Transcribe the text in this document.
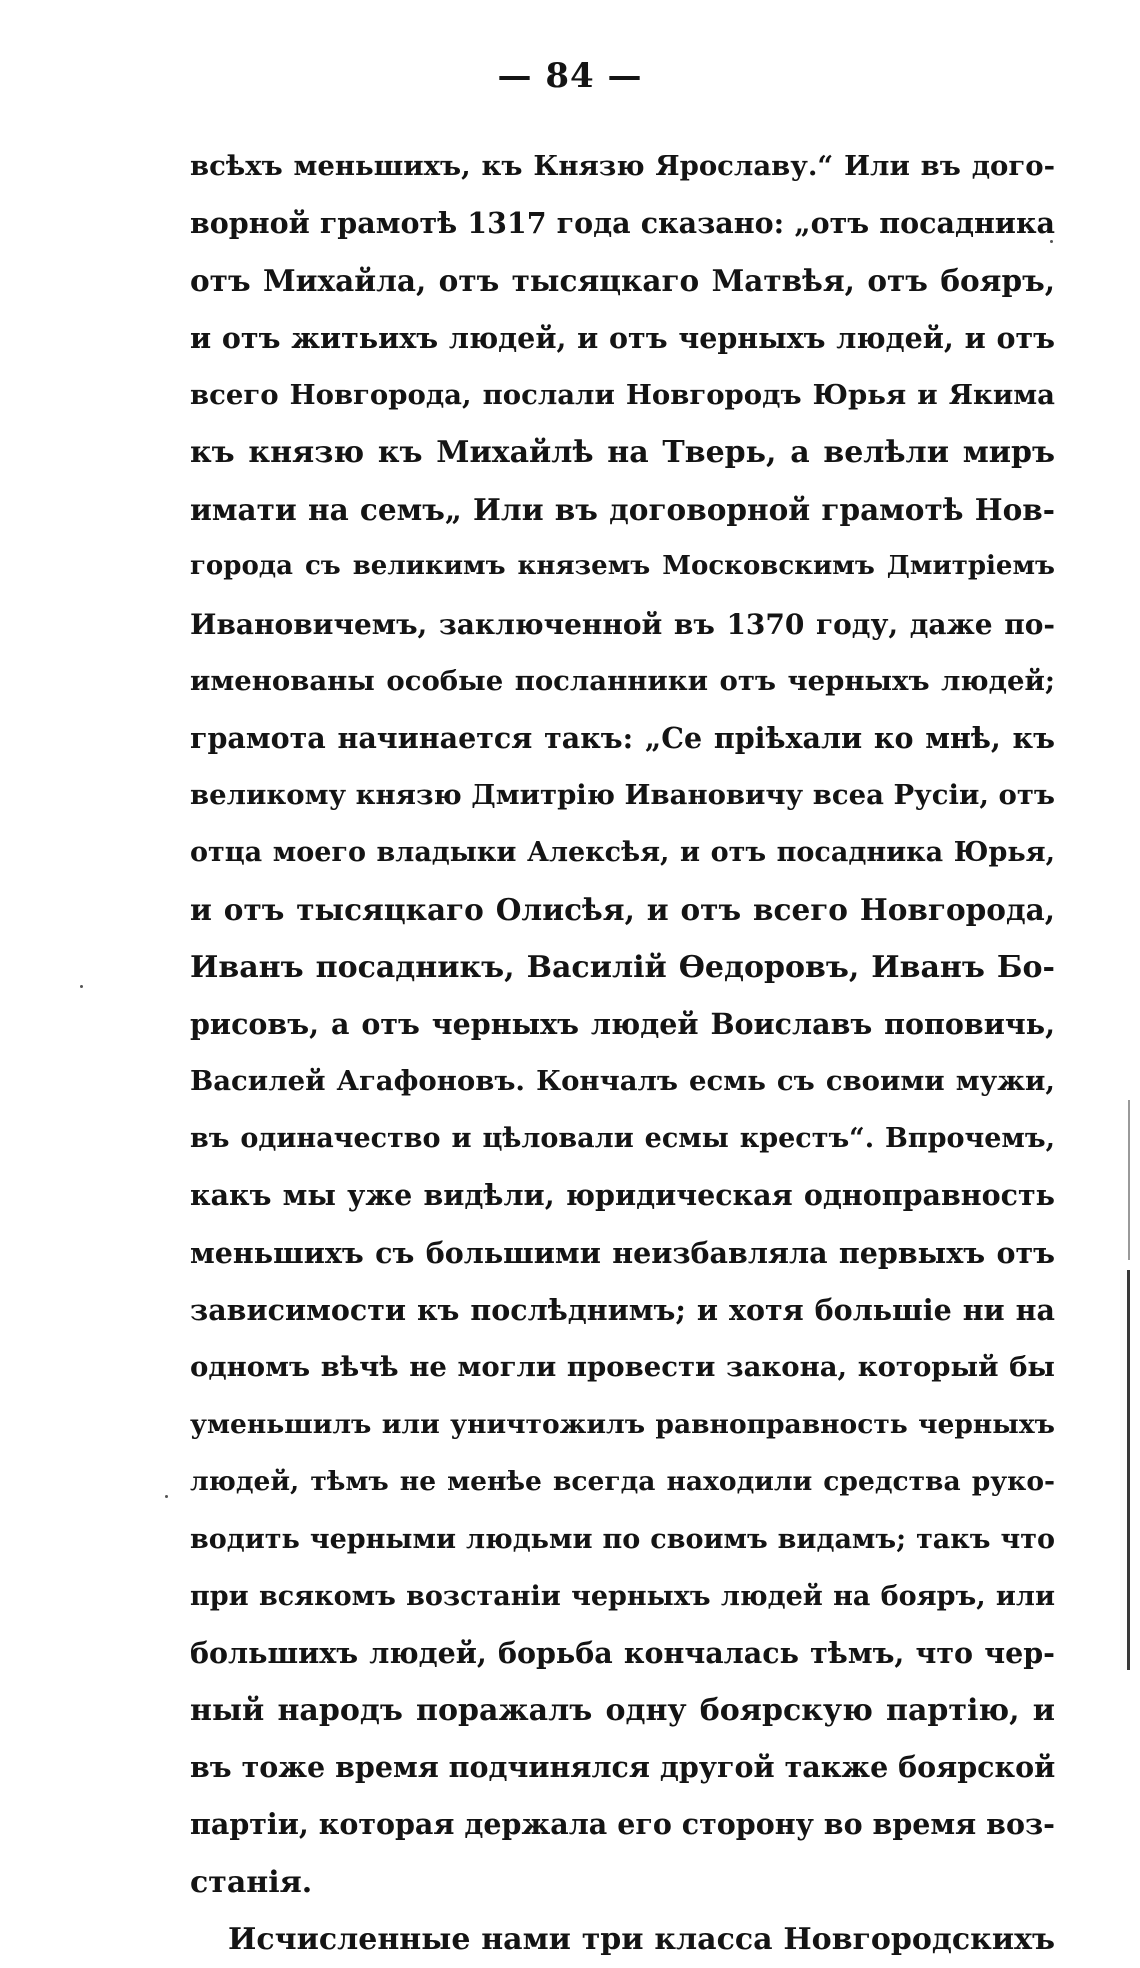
— 84 —
всѣхъ меньшихъ, къ Князю Ярославу.“ Или въ дого-
ворной грамотѣ 1317 года сказано: „отъ посадника
отъ Михайла, отъ тысяцкаго Матвѣя, отъ бояръ,
и отъ житьихъ людей, и отъ черныхъ людей, и отъ
всего Новгорода, послали Новгородъ Юрья и Якима
къ князю къ Михайлѣ на Тверь, а велѣли миръ
имати на семъ„ Или въ договорной грамотѣ Нов-
города съ великимъ княземъ Московскимъ Дмитріемъ
Ивановичемъ, заключенной въ 1370 году, даже по-
именованы особые посланники отъ черныхъ людей;
грамота начинается такъ: „Се пріѣхали ко мнѣ, къ
великому князю Дмитрію Ивановичу всеа Русіи, отъ
отца моего владыки Алексѣя, и отъ посадника Юрья,
и отъ тысяцкаго Олисѣя, и отъ всего Новгорода,
Иванъ посадникъ, Василій Ѳедоровъ, Иванъ Бо-
рисовъ, а отъ черныхъ людей Воиславъ поповичь,
Василей Агафоновъ. Кончалъ есмь съ своими мужи,
въ одиначество и цѣловали есмы крестъ“. Впрочемъ,
какъ мы уже видѣли, юридическая одноправность
меньшихъ съ большими неизбавляла первыхъ отъ
зависимости къ послѣднимъ; и хотя большіе ни на
одномъ вѣчѣ не могли провести закона, который бы
уменьшилъ или уничтожилъ равноправность черныхъ
людей, тѣмъ не менѣе всегда находили средства руко-
водить черными людьми по своимъ видамъ; такъ что
при всякомъ возстаніи черныхъ людей на бояръ, или
большихъ людей, борьба кончалась тѣмъ, что чер-
ный народъ поражалъ одну боярскую партію, и
въ тоже время подчинялся другой также боярской
партіи, которая держала его сторону во время воз-
станія.
Исчисленные нами три класса Новгородскихъ
